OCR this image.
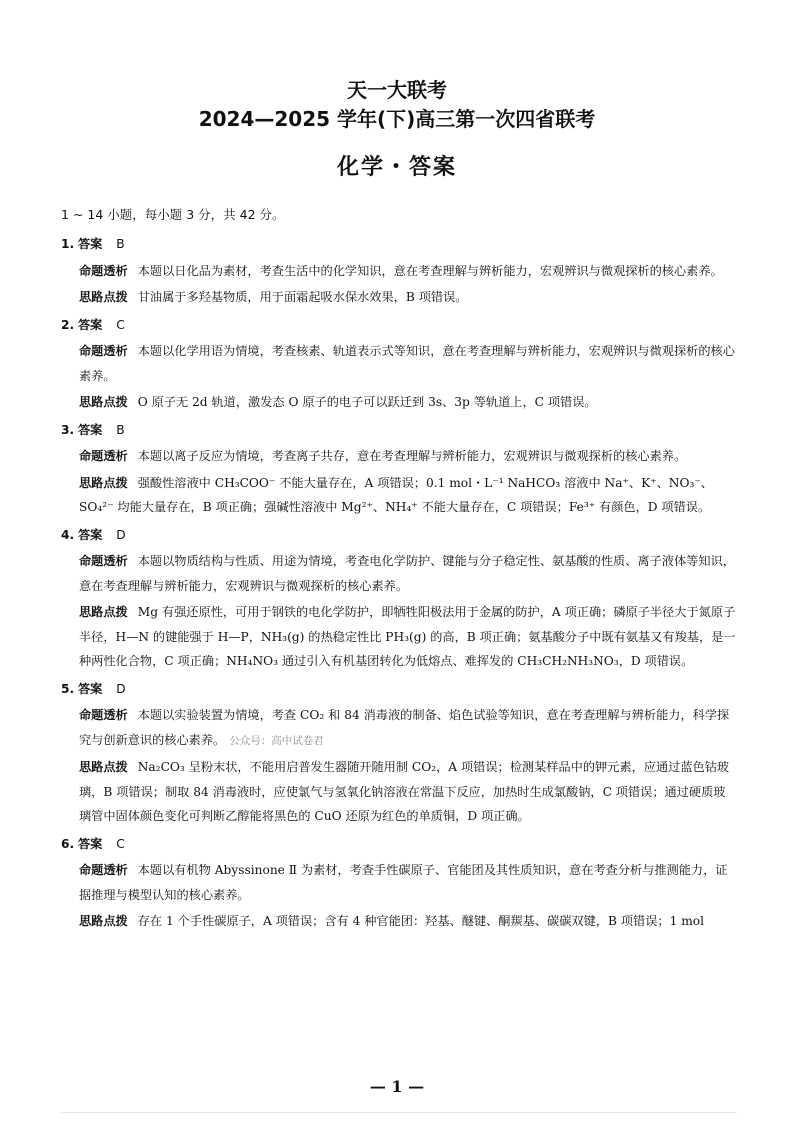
天一大联考
2024—2025 学年(下)高三第一次四省联考
化学・答案
1 ~ 14 小题，每小题 3 分，共 42 分。
1. 答案 B
命题透析 本题以日化品为素材，考查生活中的化学知识，意在考查理解与辨析能力，宏观辨识与微观探析的核心素养。
思路点拨 甘油属于多羟基物质，用于面霜起吸水保水效果，B 项错误。
2. 答案 C
命题透析 本题以化学用语为情境，考查核素、轨道表示式等知识，意在考查理解与辨析能力，宏观辨识与微观探析的核心素养。
思路点拨 O 原子无 2d 轨道，激发态 O 原子的电子可以跃迁到 3s、3p 等轨道上，C 项错误。
3. 答案 B
命题透析 本题以离子反应为情境，考查离子共存，意在考查理解与辨析能力，宏观辨识与微观探析的核心素养。
思路点拨 强酸性溶液中 CH₃COO⁻ 不能大量存在，A 项错误；0.1 mol・L⁻¹ NaHCO₃ 溶液中 Na⁺、K⁺、NO₃⁻、SO₄²⁻ 均能大量存在，B 项正确；强碱性溶液中 Mg²⁺、NH₄⁺ 不能大量存在，C 项错误；Fe³⁺ 有颜色，D 项错误。
4. 答案 D
命题透析 本题以物质结构与性质、用途为情境，考查电化学防护、键能与分子稳定性、氨基酸的性质、离子液体等知识，意在考查理解与辨析能力，宏观辨识与微观探析的核心素养。
思路点拨 Mg 有强还原性，可用于钢铁的电化学防护，即牺牲阳极法用于金属的防护，A 项正确；磷原子半径大于氮原子半径，H—N 的键能强于 H—P，NH₃(g) 的热稳定性比 PH₃(g) 的高，B 项正确；氨基酸分子中既有氨基又有羧基，是一种两性化合物，C 项正确；NH₄NO₃ 通过引入有机基团转化为低熔点、难挥发的 CH₃CH₂NH₃NO₃，D 项错误。
5. 答案 D
命题透析 本题以实验装置为情境，考查 CO₂ 和 84 消毒液的制备、焰色试验等知识，意在考查理解与辨析能力，科学探究与创新意识的核心素养。 公众号：高中试卷君
思路点拨 Na₂CO₃ 呈粉末状，不能用启普发生器随开随用制 CO₂，A 项错误；检测某样品中的钾元素，应通过蓝色钴玻璃，B 项错误；制取 84 消毒液时，应使氯气与氢氧化钠溶液在常温下反应，加热时生成氯酸钠，C 项错误；通过硬质玻璃管中固体颜色变化可判断乙醇能将黑色的 CuO 还原为红色的单质铜，D 项正确。
6. 答案 C
命题透析 本题以有机物 Abyssinone Ⅱ 为素材，考查手性碳原子、官能团及其性质知识，意在考查分析与推测能力，证据推理与模型认知的核心素养。
思路点拨 存在 1 个手性碳原子，A 项错误；含有 4 种官能团：羟基、醚键、酮羰基、碳碳双键，B 项错误；1 mol
— 1 —
